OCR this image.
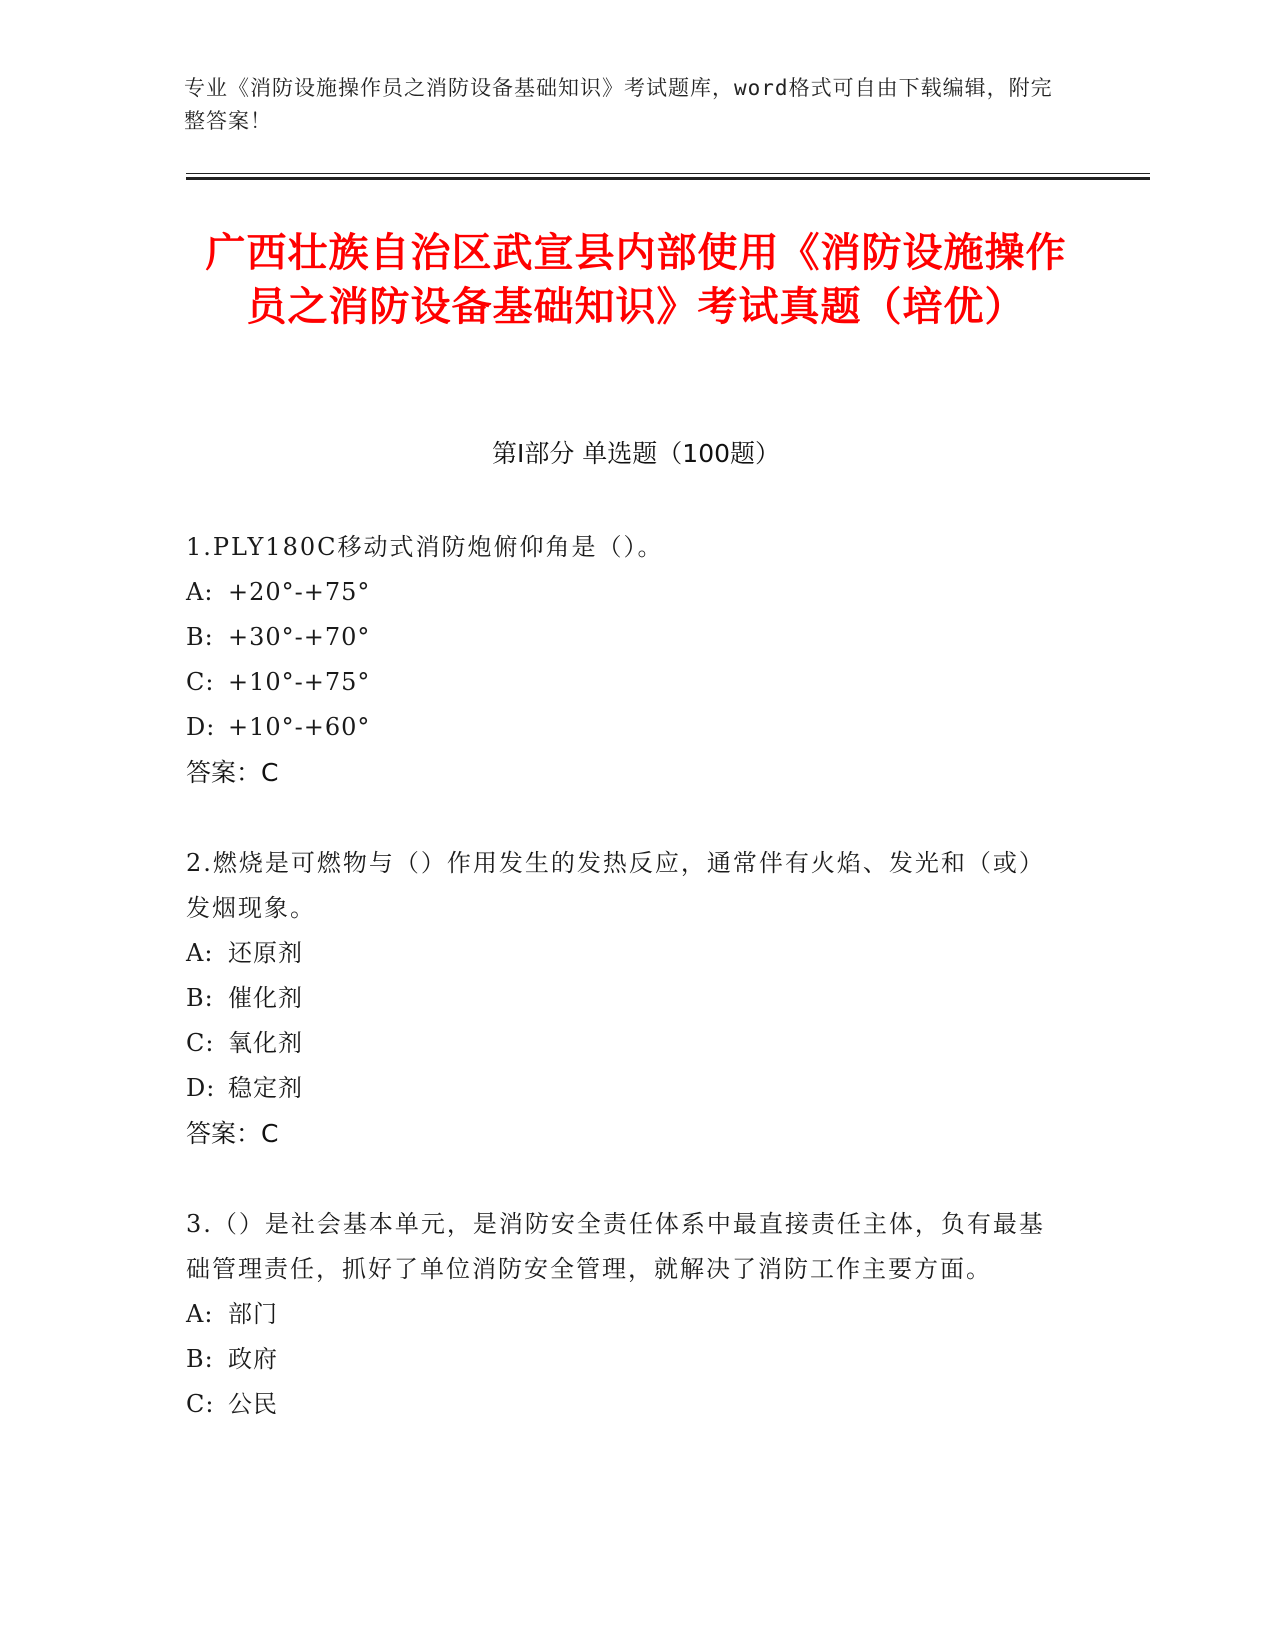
专业《消防设施操作员之消防设备基础知识》考试题库，word格式可自由下载编辑，附完整答案！
广西壮族自治区武宣县内部使用《消防设施操作员之消防设备基础知识》考试真题（培优）
第I部分 单选题（100题）

1.PLY180C移动式消防炮俯仰角是（）。

A: +20°-+75°

B: +30°-+70°

C: +10°-+75°

D: +10°-+60°

答案：C

2.燃烧是可燃物与（）作用发生的发热反应，通常伴有火焰、发光和（或）发烟现象。

A: 还原剂

B: 催化剂

C: 氧化剂

D: 稳定剂

答案：C

3.（）是社会基本单元，是消防安全责任体系中最直接责任主体，负有最基础管理责任，抓好了单位消防安全管理，就解决了消防工作主要方面。

A: 部门

B: 政府

C: 公民
